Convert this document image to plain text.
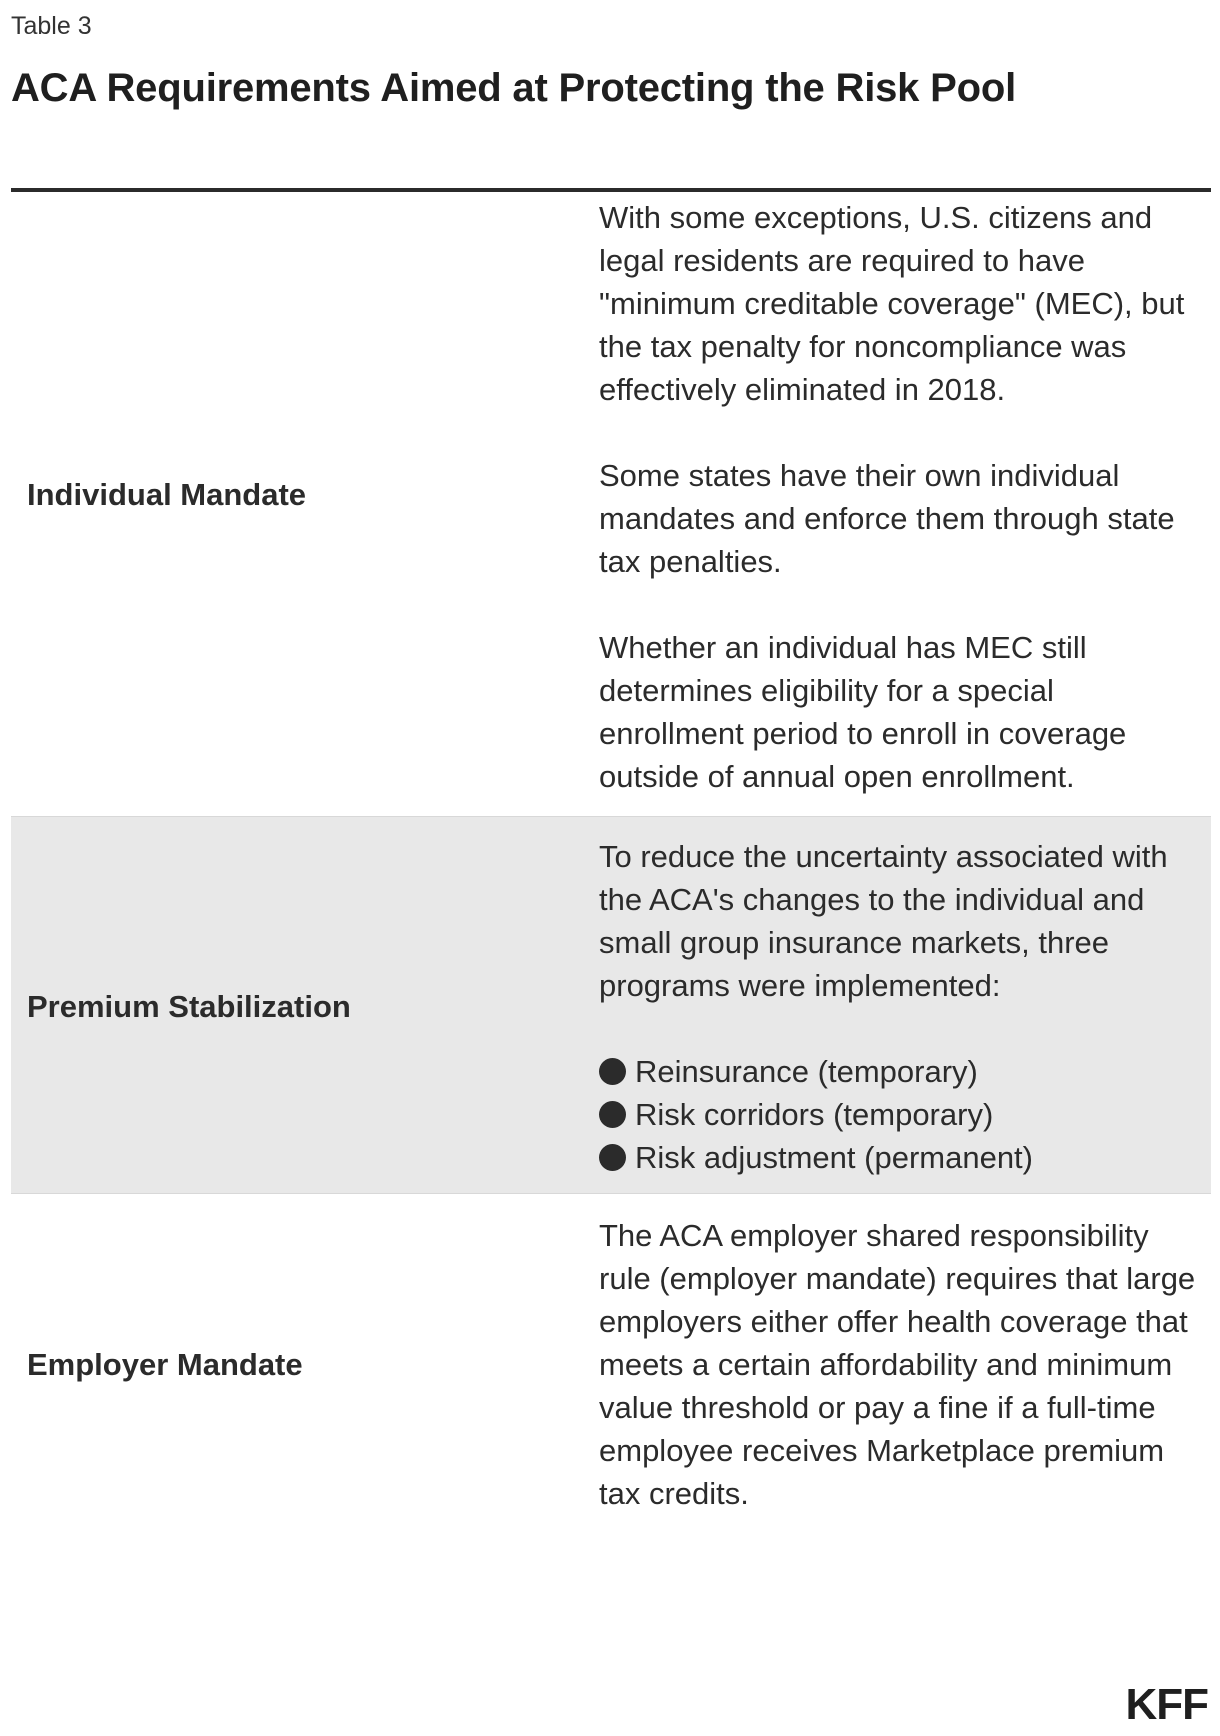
Table 3
ACA Requirements Aimed at Protecting the Risk Pool
Individual Mandate

With some exceptions, U.S. citizens and legal residents are required to have "minimum creditable coverage" (MEC), but the tax penalty for noncompliance was effectively eliminated in 2018.

Some states have their own individual mandates and enforce them through state tax penalties.

Whether an individual has MEC still determines eligibility for a special enrollment period to enroll in coverage outside of annual open enrollment.

Premium Stabilization

To reduce the uncertainty associated with the ACA's changes to the individual and small group insurance markets, three programs were implemented:

Reinsurance (temporary)
Risk corridors (temporary)
Risk adjustment (permanent)
Employer Mandate

The ACA employer shared responsibility rule (employer mandate) requires that large employers either offer health coverage that meets a certain affordability and minimum value threshold or pay a fine if a full-time employee receives Marketplace premium tax credits.

KFF
